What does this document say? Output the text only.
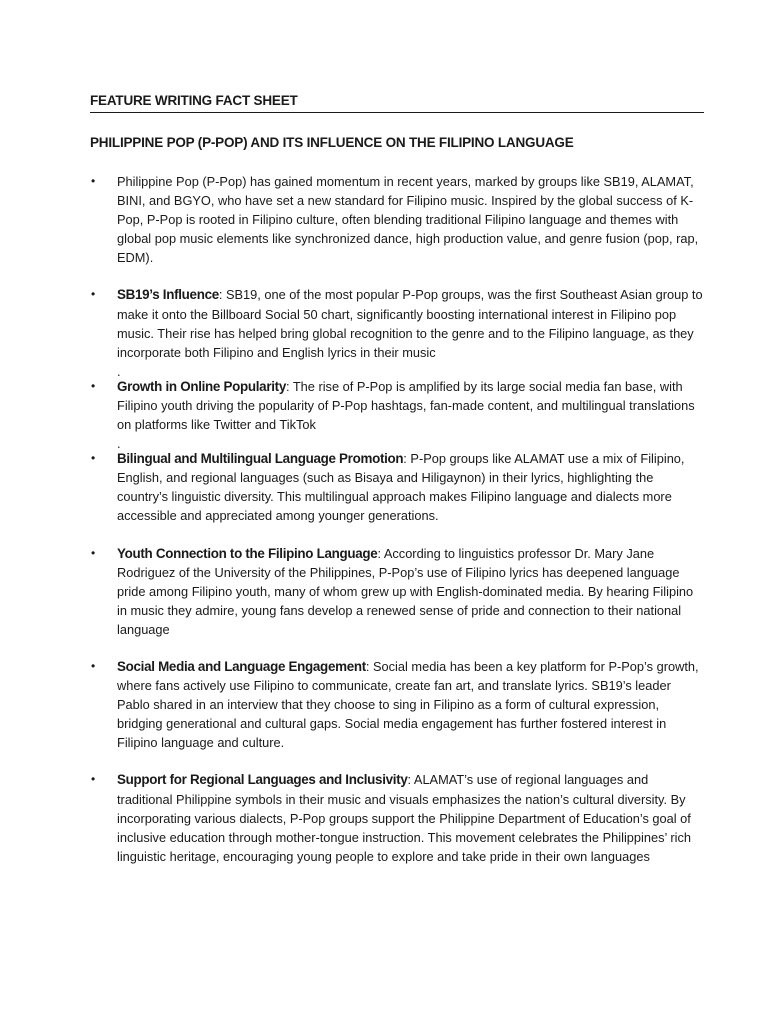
FEATURE WRITING FACT SHEET
PHILIPPINE POP (P-POP) AND ITS INFLUENCE ON THE FILIPINO LANGUAGE
• Philippine Pop (P-Pop) has gained momentum in recent years, marked by groups like SB19, ALAMAT, BINI, and BGYO, who have set a new standard for Filipino music. Inspired by the global success of K-Pop, P-Pop is rooted in Filipino culture, often blending traditional Filipino language and themes with global pop music elements like synchronized dance, high production value, and genre fusion (pop, rap, EDM).
• SB19’s Influence: SB19, one of the most popular P-Pop groups, was the first Southeast Asian group to make it onto the Billboard Social 50 chart, significantly boosting international interest in Filipino pop music. Their rise has helped bring global recognition to the genre and to the Filipino language, as they incorporate both Filipino and English lyrics in their music
.
• Growth in Online Popularity: The rise of P-Pop is amplified by its large social media fan base, with Filipino youth driving the popularity of P-Pop hashtags, fan-made content, and multilingual translations on platforms like Twitter and TikTok
.
• Bilingual and Multilingual Language Promotion: P-Pop groups like ALAMAT use a mix of Filipino, English, and regional languages (such as Bisaya and Hiligaynon) in their lyrics, highlighting the country’s linguistic diversity. This multilingual approach makes Filipino language and dialects more accessible and appreciated among younger generations.
• Youth Connection to the Filipino Language: According to linguistics professor Dr. Mary Jane Rodriguez of the University of the Philippines, P-Pop’s use of Filipino lyrics has deepened language pride among Filipino youth, many of whom grew up with English-dominated media. By hearing Filipino in music they admire, young fans develop a renewed sense of pride and connection to their national language
• Social Media and Language Engagement: Social media has been a key platform for P-Pop’s growth, where fans actively use Filipino to communicate, create fan art, and translate lyrics. SB19’s leader Pablo shared in an interview that they choose to sing in Filipino as a form of cultural expression, bridging generational and cultural gaps. Social media engagement has further fostered interest in Filipino language and culture.
• Support for Regional Languages and Inclusivity: ALAMAT’s use of regional languages and traditional Philippine symbols in their music and visuals emphasizes the nation’s cultural diversity. By incorporating various dialects, P-Pop groups support the Philippine Department of Education’s goal of inclusive education through mother-tongue instruction. This movement celebrates the Philippines’ rich linguistic heritage, encouraging young people to explore and take pride in their own languages
